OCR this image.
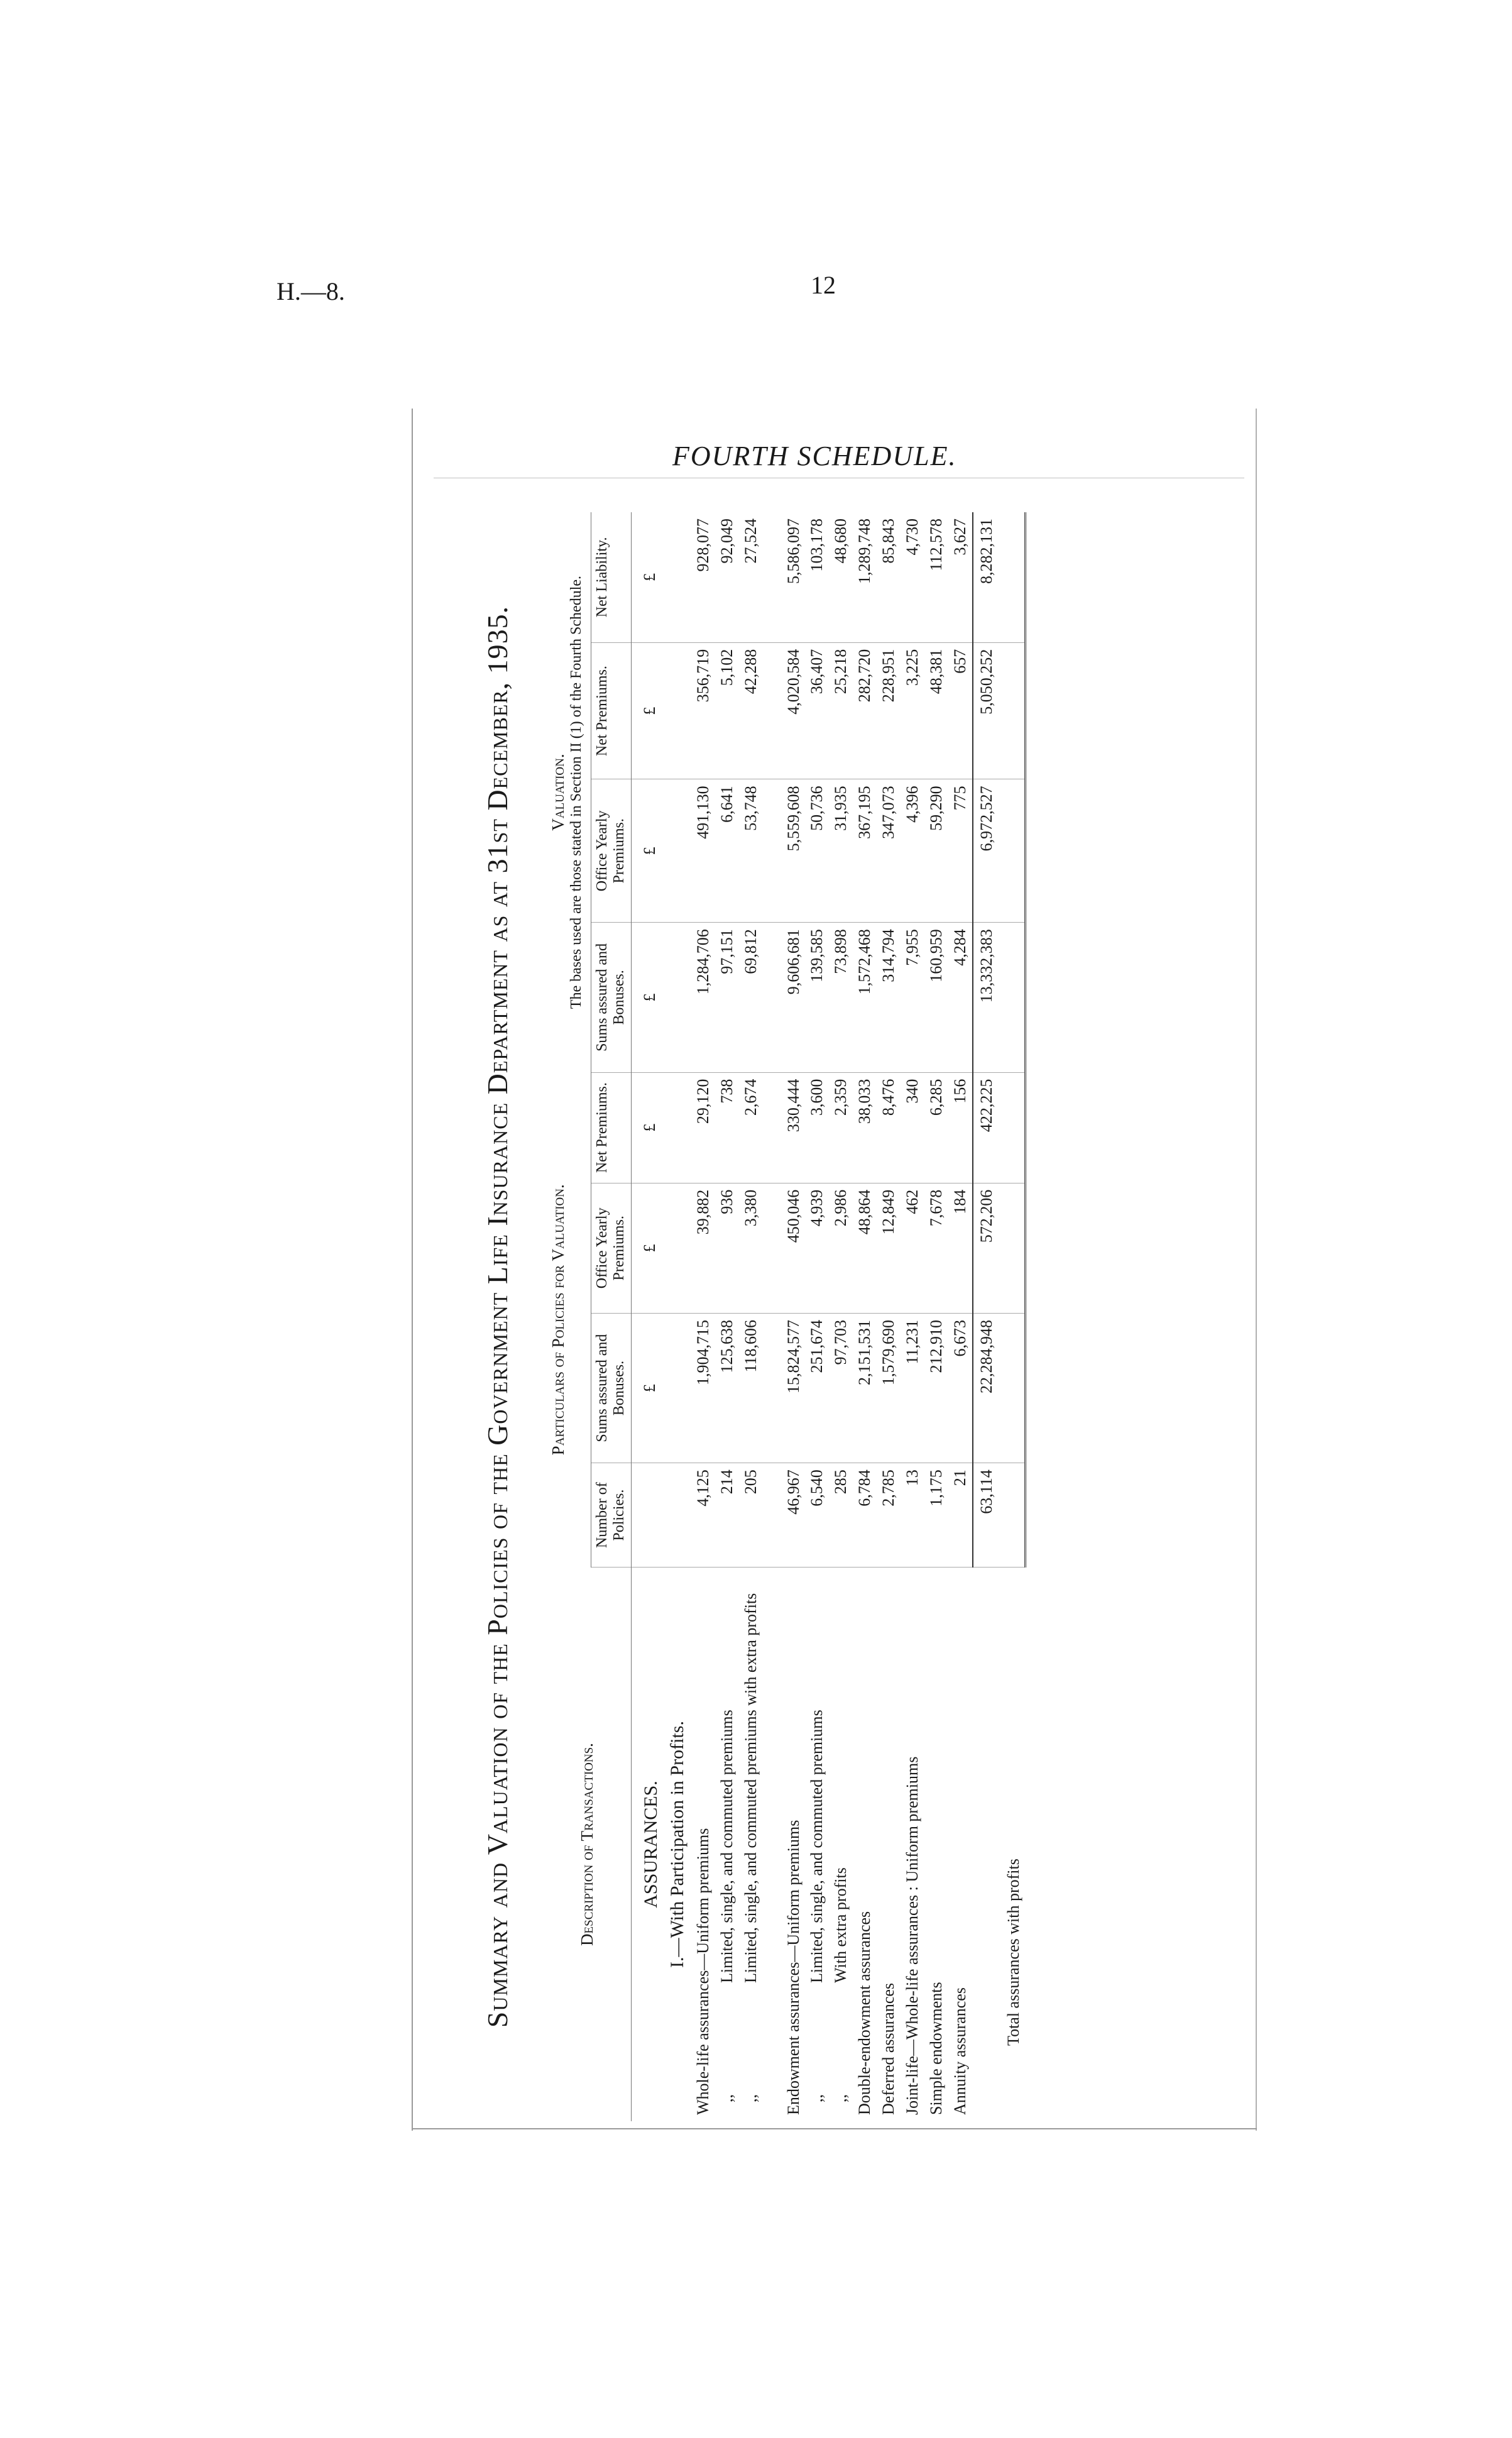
H.—8.	12
FOURTH SCHEDULE.
Summary and Valuation of the Policies of the Government Life Insurance Department as at 31st December, 1935.	Description of Transactions.	Particulars of Policies for Valuation.				Valuation. The bases used are those stated in Section II (1) of the Fourth Schedule.			

	Number of Policies.	Sums assured and Bonuses.	Office Yearly Premiums.	Net Premiums.	Sums assured and Bonuses.	Office Yearly Premiums.	Net Premiums.	Net Liability.
ASSURANCES.		£	£	£	£	£	£	£
I.—With Participation in Profits.								
Whole-life assurances—Uniform premiums	4,125	1,904,715	39,882	29,120	1,284,706	491,130	356,719	928,077
,,Limited, single, and commuted premiums	214	125,638	936	738	97,151	6,641	5,102	92,049
,,Limited, single, and commuted premiums with extra profits	205	118,606	3,380	2,674	69,812	53,748	42,288	27,524

Endowment assurances—Uniform premiums	46,967	15,824,577	450,046	330,444	9,606,681	5,559,608	4,020,584	5,586,097
,,Limited, single, and commuted premiums	6,540	251,674	4,939	3,600	139,585	50,736	36,407	103,178
,,With extra profits	285	97,703	2,986	2,359	73,898	31,935	25,218	48,680
Double-endowment assurances	6,784	2,151,531	48,864	38,033	1,572,468	367,195	282,720	1,289,748
Deferred assurances	2,785	1,579,690	12,849	8,476	314,794	347,073	228,951	85,843
Joint-life—Whole-life assurances : Uniform premiums	13	11,231	462	340	7,955	4,396	3,225	4,730
Simple endowments	1,175	212,910	7,678	6,285	160,959	59,290	48,381	112,578
Annuity assurances	21	6,673	184	156	4,284	775	657	3,627
Total assurances with profits	63,114	22,284,948	572,206	422,225	13,332,383	6,972,527	5,050,252	8,282,131
